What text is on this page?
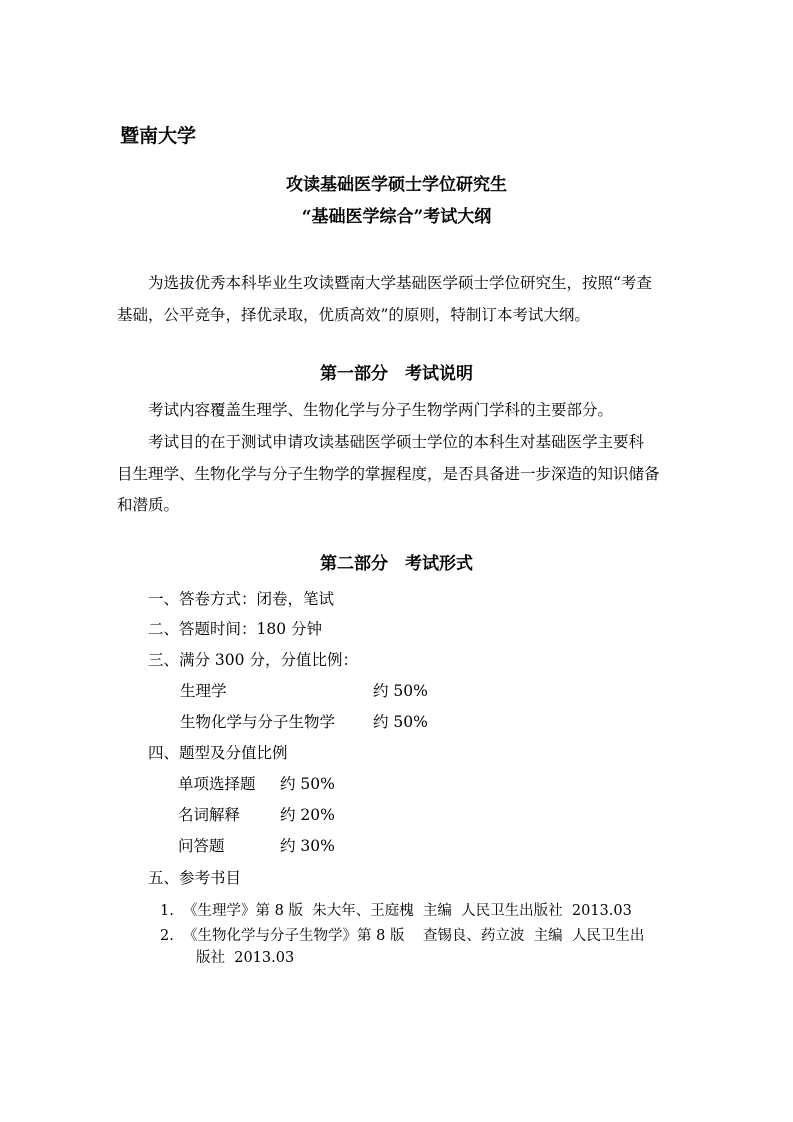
暨南大学
攻读基础医学硕士学位研究生
“基础医学综合”考试大纲
为选拔优秀本科毕业生攻读暨南大学基础医学硕士学位研究生，按照“考查
基础，公平竞争，择优录取，优质高效”的原则，特制订本考试大纲。
第一部分　考试说明
考试内容覆盖生理学、生物化学与分子生物学两门学科的主要部分。
考试目的在于测试申请攻读基础医学硕士学位的本科生对基础医学主要科
目生理学、生物化学与分子生物学的掌握程度，是否具备进一步深造的知识储备
和潜质。
第二部分　考试形式
一、答卷方式：闭卷，笔试
二、答题时间：180 分钟
三、满分 300 分，分值比例：
生理学	约 50%
生物化学与分子生物学 约 50%
四、题型及分值比例
单项选择题 约 50%
名词解释	约 20%
问答题	约 30%
五、参考书目
1.  《生理学》第 8 版  朱大年、王庭槐  主编  人民卫生出版社  2013.03
2.  《生物化学与分子生物学》第 8 版    查锡良、药立波  主编  人民卫生出
版社  2013.03
